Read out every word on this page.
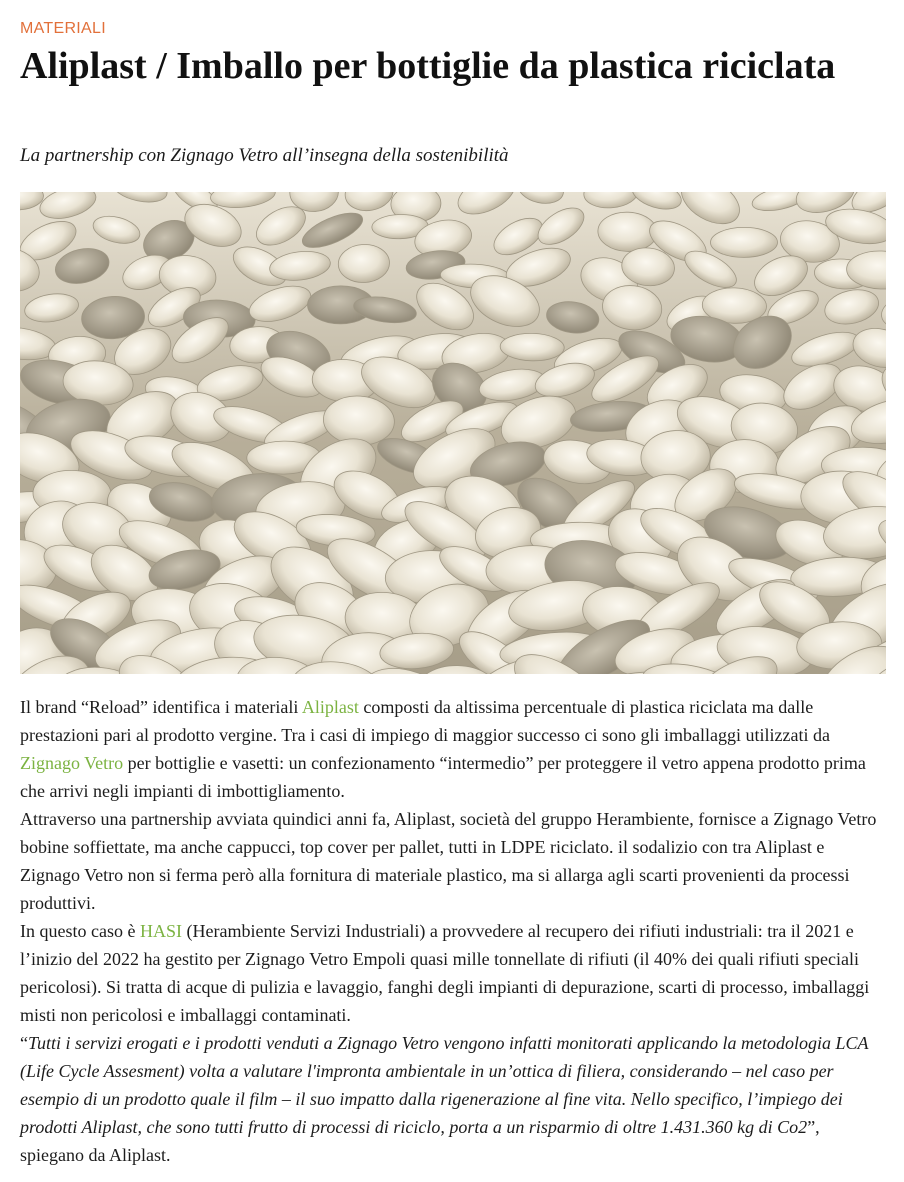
MATERIALI
Aliplast / Imballo per bottiglie da plastica riciclata

La partnership con Zignago Vetro all’insegna della sostenibilità

Il brand “Reload” identifica i materiali Aliplast composti da altissima percentuale di plastica riciclata ma dalle prestazioni pari al prodotto vergine. Tra i casi di impiego di maggior successo ci sono gli imballaggi utilizzati da Zignago Vetro per bottiglie e vasetti: un confezionamento “intermedio” per proteggere il vetro appena prodotto prima che arrivi negli impianti di imbottigliamento.

Attraverso una partnership avviata quindici anni fa, Aliplast, società del gruppo Herambiente, fornisce a Zignago Vetro bobine soffiettate, ma anche cappucci, top cover per pallet, tutti in LDPE riciclato. il sodalizio con tra Aliplast e Zignago Vetro non si ferma però alla fornitura di materiale plastico, ma si allarga agli scarti provenienti da processi produttivi.

In questo caso è HASI (Herambiente Servizi Industriali) a provvedere al recupero dei rifiuti industriali: tra il 2021 e l’inizio del 2022 ha gestito per Zignago Vetro Empoli quasi mille tonnellate di rifiuti (il 40% dei quali rifiuti speciali pericolosi). Si tratta di acque di pulizia e lavaggio, fanghi degli impianti di depurazione, scarti di processo, imballaggi misti non pericolosi e imballaggi contaminati.

“Tutti i servizi erogati e i prodotti venduti a Zignago Vetro vengono infatti monitorati applicando la metodologia LCA (Life Cycle Assesment) volta a valutare l'impronta ambientale in un’ottica di filiera, considerando – nel caso per esempio di un prodotto quale il film – il suo impatto dalla rigenerazione al fine vita. Nello specifico, l’impiego dei prodotti Aliplast, che sono tutti frutto di processi di riciclo, porta a un risparmio di oltre 1.431.360 kg di Co2”, spiegano da Aliplast.
